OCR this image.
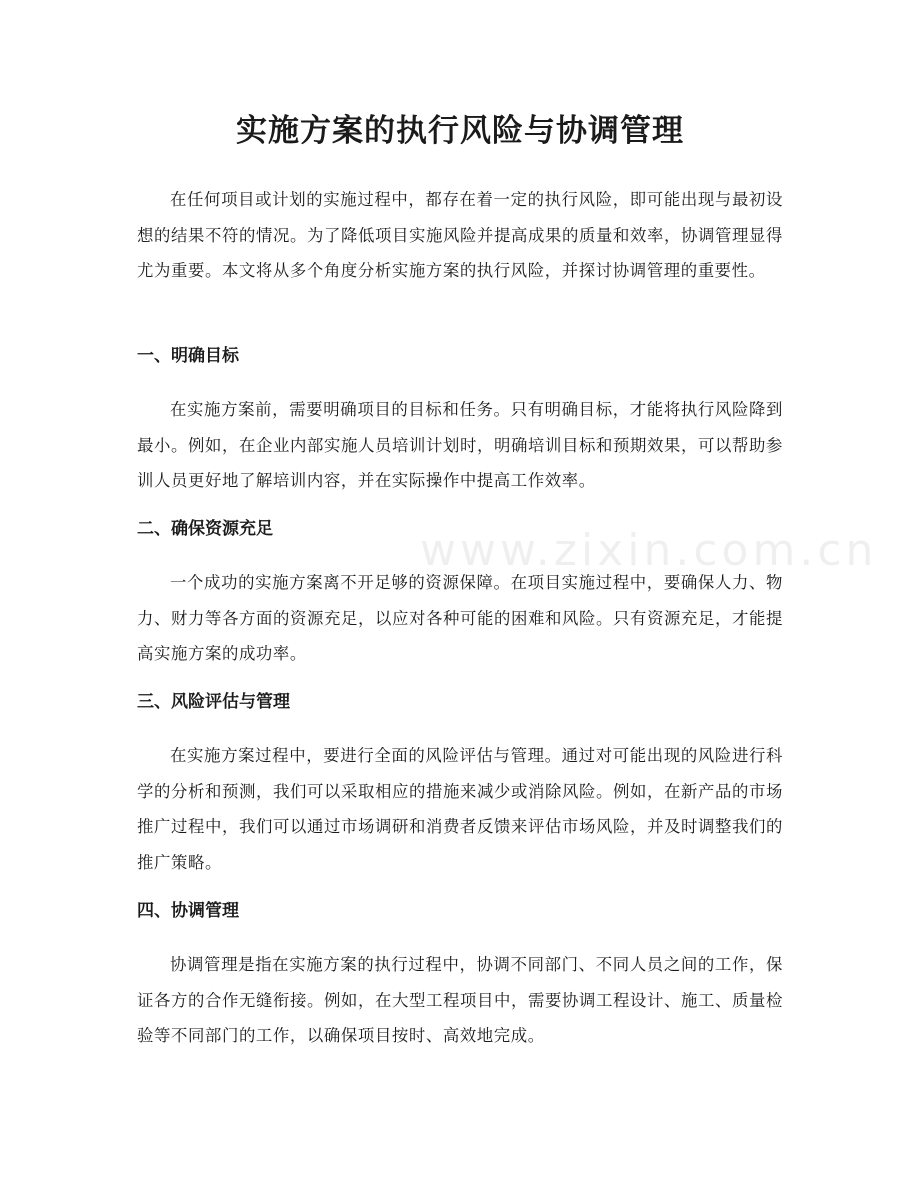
www.zixin.com.cn
实施方案的执行风险与协调管理

在任何项目或计划的实施过程中，都存在着一定的执行风险，即可能出现与最初设想的结果不符的情况。为了降低项目实施风险并提高成果的质量和效率，协调管理显得尤为重要。本文将从多个角度分析实施方案的执行风险，并探讨协调管理的重要性。

一、明确目标

在实施方案前，需要明确项目的目标和任务。只有明确目标，才能将执行风险降到最小。例如，在企业内部实施人员培训计划时，明确培训目标和预期效果，可以帮助参训人员更好地了解培训内容，并在实际操作中提高工作效率。

二、确保资源充足

一个成功的实施方案离不开足够的资源保障。在项目实施过程中，要确保人力、物力、财力等各方面的资源充足，以应对各种可能的困难和风险。只有资源充足，才能提高实施方案的成功率。

三、风险评估与管理

在实施方案过程中，要进行全面的风险评估与管理。通过对可能出现的风险进行科学的分析和预测，我们可以采取相应的措施来减少或消除风险。例如，在新产品的市场推广过程中，我们可以通过市场调研和消费者反馈来评估市场风险，并及时调整我们的推广策略。

四、协调管理

协调管理是指在实施方案的执行过程中，协调不同部门、不同人员之间的工作，保证各方的合作无缝衔接。例如，在大型工程项目中，需要协调工程设计、施工、质量检验等不同部门的工作，以确保项目按时、高效地完成。
